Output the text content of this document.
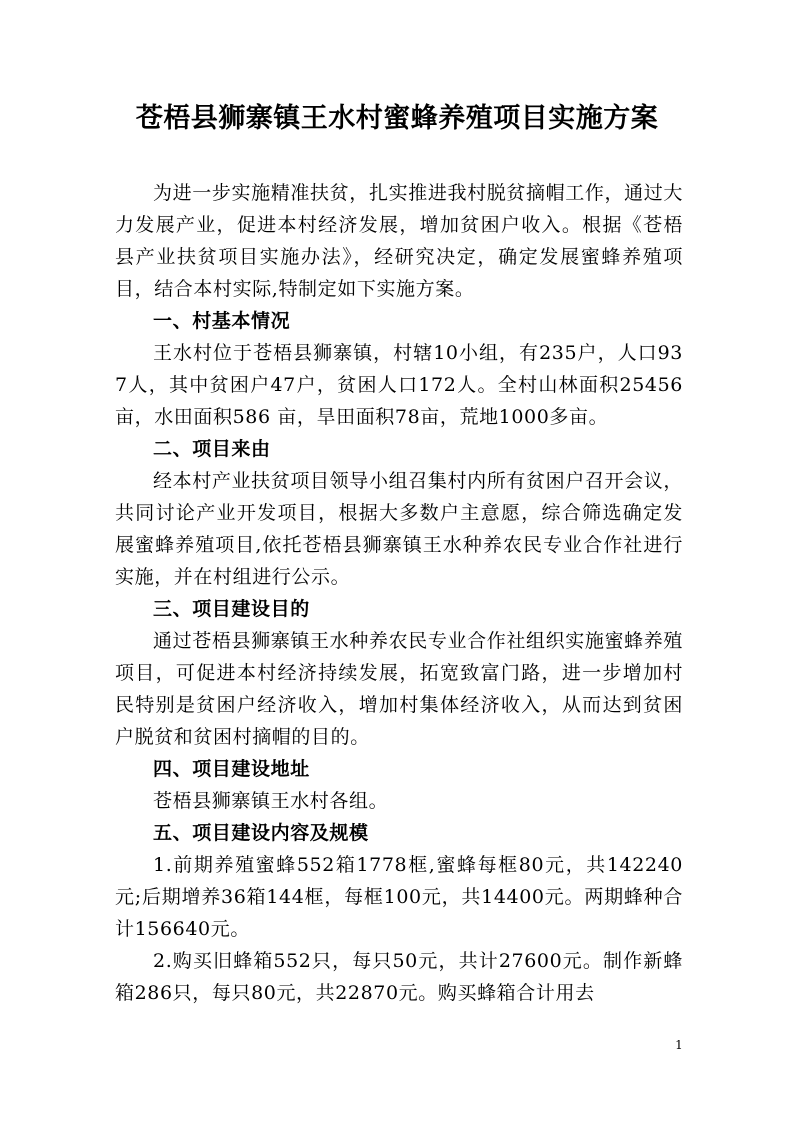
苍梧县狮寨镇王水村蜜蜂养殖项目实施方案

为进一步实施精准扶贫，扎实推进我村脱贫摘帽工作，通过大力发展产业，促进本村经济发展，增加贫困户收入。根据《苍梧县产业扶贫项目实施办法》，经研究决定，确定发展蜜蜂养殖项目，结合本村实际,特制定如下实施方案。

一、村基本情况

王水村位于苍梧县狮寨镇，村辖10小组，有235户，人口937人，其中贫困户47户，贫困人口172人。全村山林面积25456亩，水田面积586 亩，旱田面积78亩，荒地1000多亩。

二、项目来由

经本村产业扶贫项目领导小组召集村内所有贫困户召开会议，共同讨论产业开发项目，根据大多数户主意愿，综合筛选确定发展蜜蜂养殖项目,依托苍梧县狮寨镇王水种养农民专业合作社进行实施，并在村组进行公示。

三、项目建设目的

通过苍梧县狮寨镇王水种养农民专业合作社组织实施蜜蜂养殖项目，可促进本村经济持续发展，拓宽致富门路，进一步增加村民特别是贫困户经济收入，增加村集体经济收入，从而达到贫困户脱贫和贫困村摘帽的目的。

四、项目建设地址

苍梧县狮寨镇王水村各组。

五、项目建设内容及规模

1.前期养殖蜜蜂552箱1778框,蜜蜂每框80元，共142240元;后期增养36箱144框，每框100元，共14400元。两期蜂种合计156640元。

2.购买旧蜂箱552只，每只50元，共计27600元。制作新蜂箱286只，每只80元，共22870元。购买蜂箱合计用去

1
